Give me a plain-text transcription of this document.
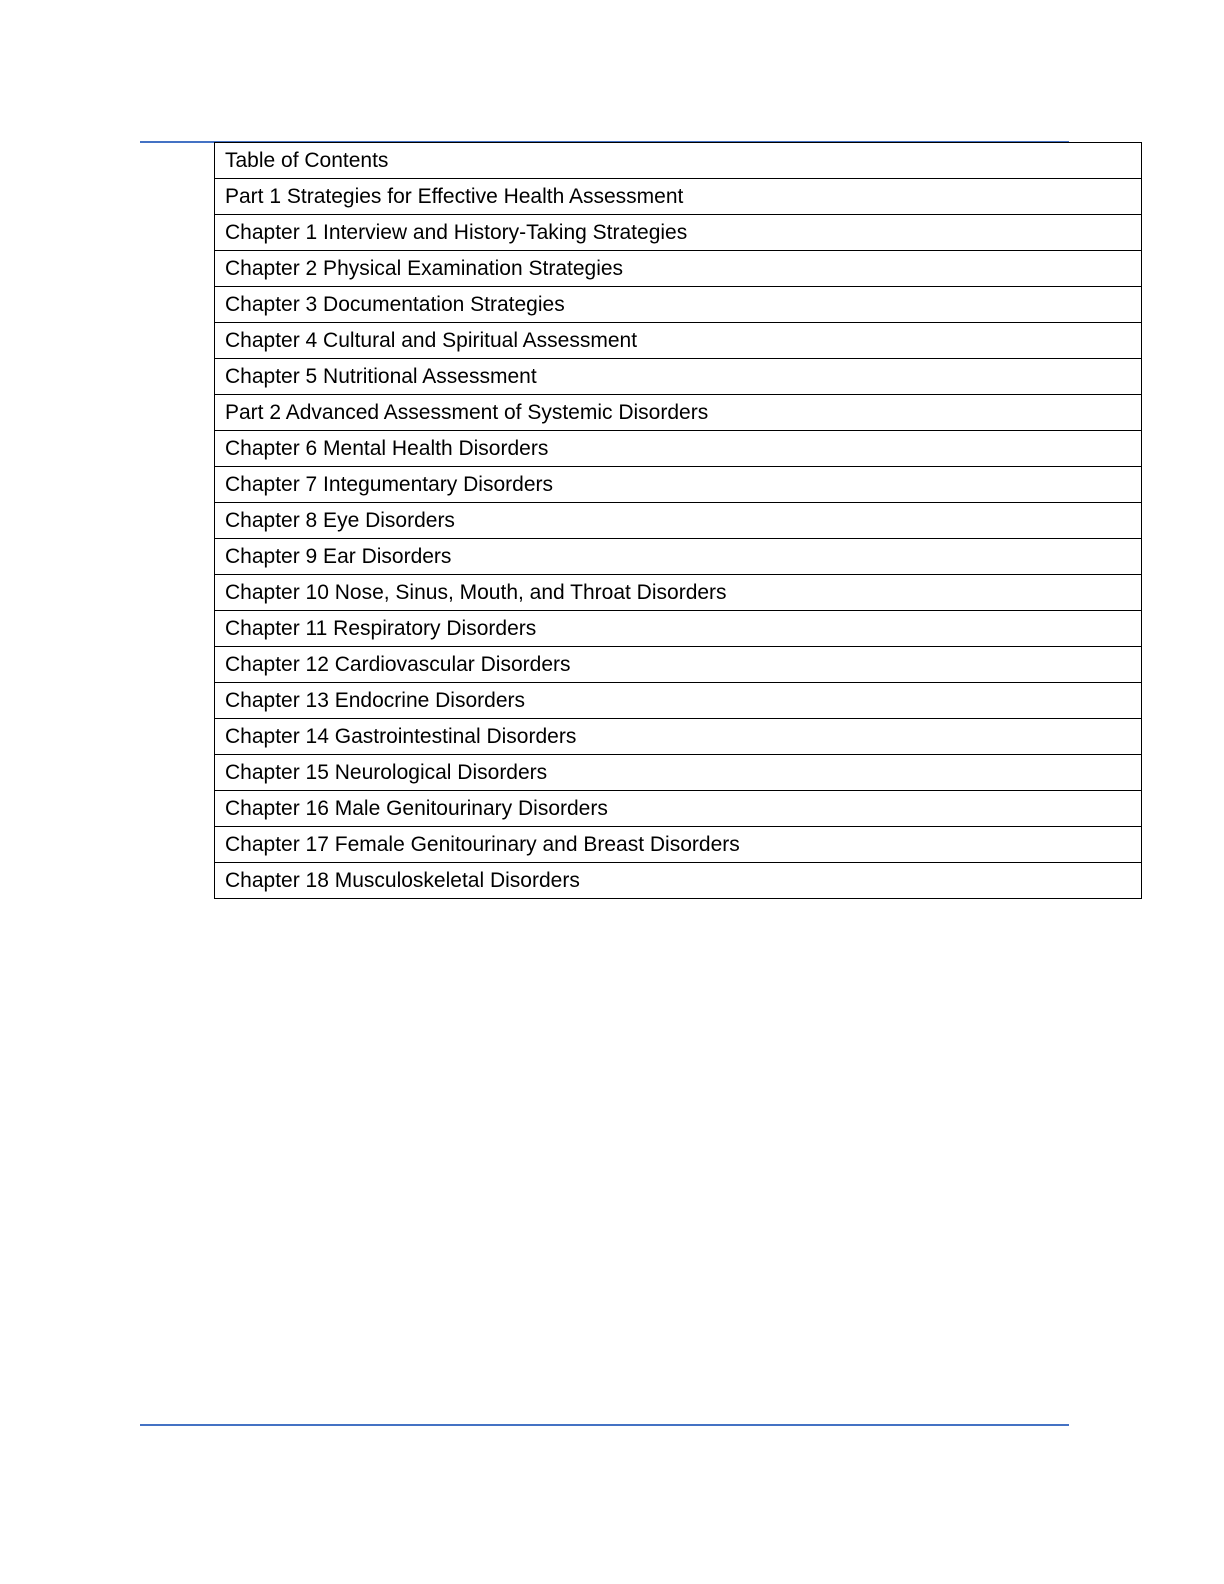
Table of Contents
Part 1 Strategies for Effective Health Assessment
Chapter 1 Interview and History-Taking Strategies
Chapter 2 Physical Examination Strategies
Chapter 3 Documentation Strategies
Chapter 4 Cultural and Spiritual Assessment
Chapter 5 Nutritional Assessment
Part 2 Advanced Assessment of Systemic Disorders
Chapter 6 Mental Health Disorders
Chapter 7 Integumentary Disorders
Chapter 8 Eye Disorders
Chapter 9 Ear Disorders
Chapter 10 Nose, Sinus, Mouth, and Throat Disorders
Chapter 11 Respiratory Disorders
Chapter 12 Cardiovascular Disorders
Chapter 13 Endocrine Disorders
Chapter 14 Gastrointestinal Disorders
Chapter 15 Neurological Disorders
Chapter 16 Male Genitourinary Disorders
Chapter 17 Female Genitourinary and Breast Disorders
Chapter 18 Musculoskeletal Disorders
